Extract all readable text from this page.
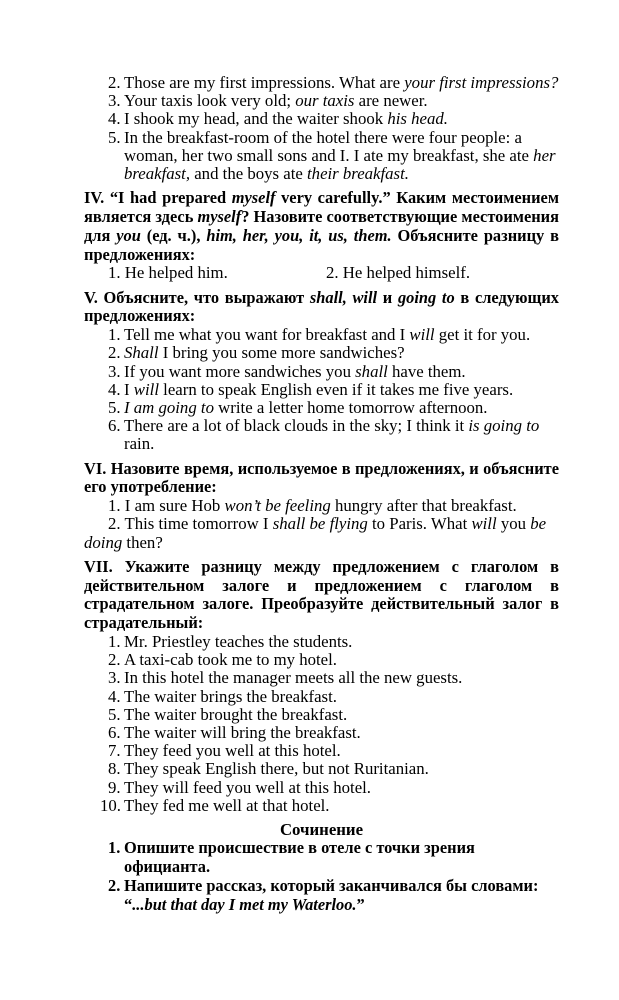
2. Those are my first impressions. What are your first impressions?
3. Your taxis look very old; our taxis are newer.
4. I shook my head, and the waiter shook his head.
5. In the breakfast-room of the hotel there were four people: a woman, her two small sons and I. I ate my breakfast, she ate her breakfast, and the boys ate their breakfast.
IV. “I had prepared myself very carefully.” Каким местоимением является здесь myself? Назовите соответствующие местоимения для you (ед. ч.), him, her, you, it, us, them. Объясните разницу в предложениях:
1. He helped him.	2. He helped himself.
V. Объясните, что выражают shall, will и going to в следующих предложениях:
1. Tell me what you want for breakfast and I will get it for you.
2. Shall I bring you some more sandwiches?
3. If you want more sandwiches you shall have them.
4. I will learn to speak English even if it takes me five years.
5. I am going to write a letter home tomorrow afternoon.
6. There are a lot of black clouds in the sky; I think it is going to rain.
VI. Назовите время, используемое в предложениях, и объясните его употребление:
1. I am sure Hob won’t be feeling hungry after that breakfast.
2. This time tomorrow I shall be flying to Paris. What will you be doing then?
VII. Укажите разницу между предложением с глаголом в действительном залоге и предложением с глаголом в страдательном залоге. Преобразуйте действительный залог в страдательный:
1. Mr. Priestley teaches the students.
2. A taxi-cab took me to my hotel.
3. In this hotel the manager meets all the new guests.
4. The waiter brings the breakfast.
5. The waiter brought the breakfast.
6. The waiter will bring the breakfast.
7. They feed you well at this hotel.
8. They speak English there, but not Ruritanian.
9. They will feed you well at this hotel.
10. They fed me well at that hotel.
Сочинение
1. Опишите происшествие в отеле с точки зрения официанта.
2. Напишите рассказ, который заканчивался бы словами: “...but that day I met my Waterloo.”
